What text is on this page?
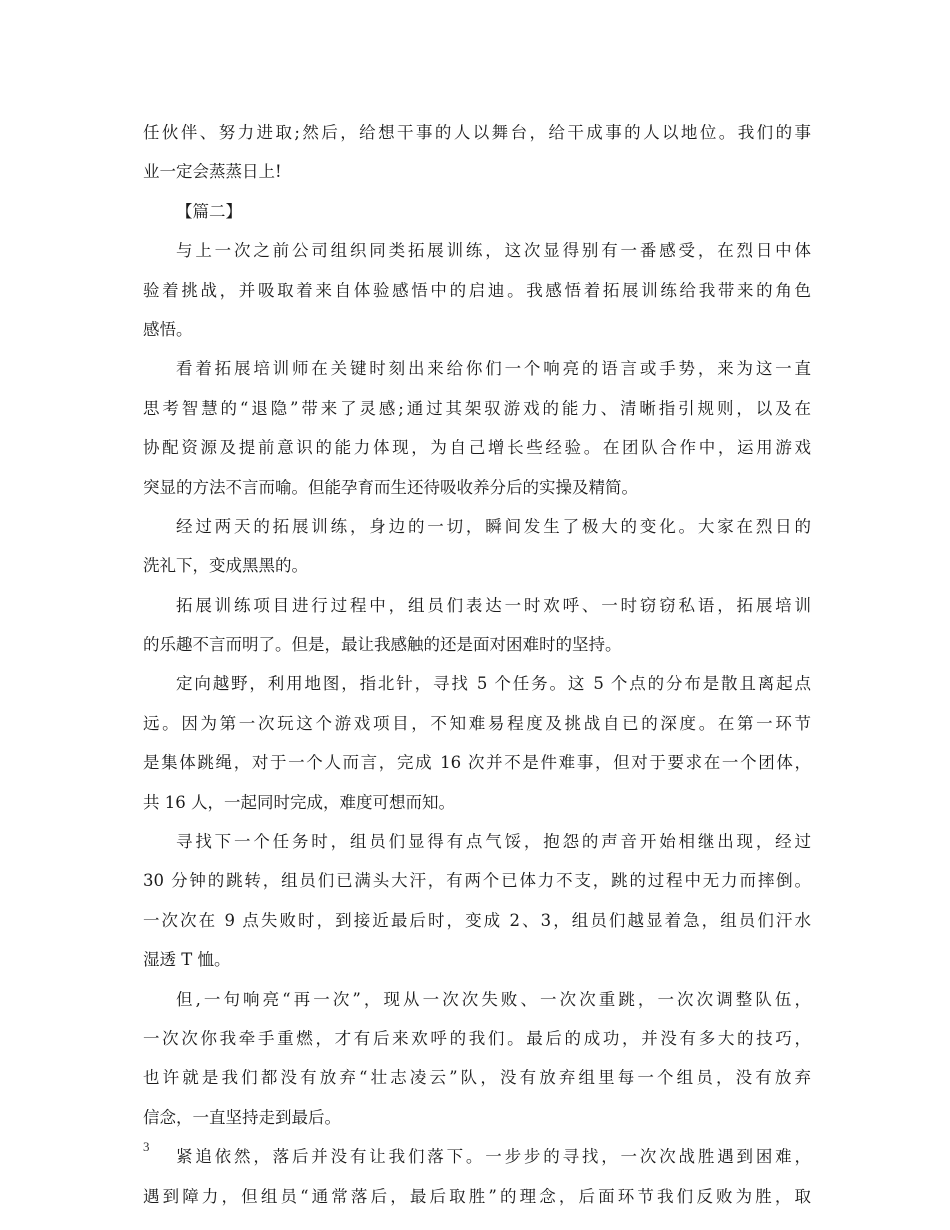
任伙伴、努力进取;然后，给想干事的人以舞台，给干成事的人以地位。我们的事
业一定会蒸蒸日上!
【篇二】
与上一次之前公司组织同类拓展训练，这次显得别有一番感受，在烈日中体
验着挑战，并吸取着来自体验感悟中的启迪。我感悟着拓展训练给我带来的角色
感悟。
看着拓展培训师在关键时刻出来给你们一个响亮的语言或手势，来为这一直
思考智慧的“退隐”带来了灵感;通过其架驭游戏的能力、清晰指引规则，以及在
协配资源及提前意识的能力体现，为自己增长些经验。在团队合作中，运用游戏
突显的方法不言而喻。但能孕育而生还待吸收养分后的实操及精简。
经过两天的拓展训练，身边的一切，瞬间发生了极大的变化。大家在烈日的
洗礼下，变成黑黑的。
拓展训练项目进行过程中，组员们表达一时欢呼、一时窃窃私语，拓展培训
的乐趣不言而明了。但是，最让我感触的还是面对困难时的坚持。
定向越野，利用地图，指北针，寻找 5 个任务。这 5 个点的分布是散且离起点
远。因为第一次玩这个游戏项目，不知难易程度及挑战自已的深度。在第一环节
是集体跳绳，对于一个人而言，完成 16 次并不是件难事，但对于要求在一个团体，
共 16 人，一起同时完成，难度可想而知。
寻找下一个任务时，组员们显得有点气馁，抱怨的声音开始相继出现，经过
30 分钟的跳转，组员们已满头大汗，有两个已体力不支，跳的过程中无力而摔倒。
一次次在 9 点失败时，到接近最后时，变成 2、3，组员们越显着急，组员们汗水
湿透 T 恤。
但,一句响亮“再一次”，现从一次次失败、一次次重跳，一次次调整队伍，
一次次你我牵手重燃，才有后来欢呼的我们。最后的成功，并没有多大的技巧，
也许就是我们都没有放弃“壮志凌云”队，没有放弃组里每一个组员，没有放弃
信念，一直坚持走到最后。
紧追依然，落后并没有让我们落下。一步步的寻找，一次次战胜遇到困难，
遇到障力，但组员“通常落后，最后取胜”的理念，后面环节我们反败为胜，取
3
